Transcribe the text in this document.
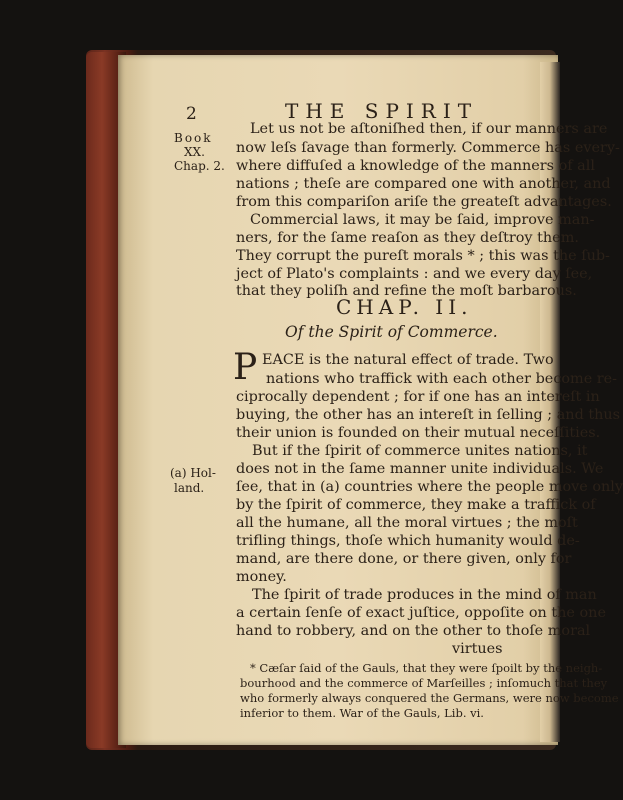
2	THE SPIRIT
Book
XX.
Chap. 2.
(a) Hol-
land.
Let us not be aſtoniſhed then, if our manners are
now leſs ſavage than formerly. Commerce has every-
where diffuſed a knowledge of the manners of all
nations ; theſe are compared one with another, and
from this compariſon ariſe the greateſt advantages.
Commercial laws, it may be ſaid, improve man-
ners, for the ſame reaſon as they deſtroy them.
They corrupt the pureſt morals * ; this was the ſub-
ject of Plato's complaints : and we every day ſee,
that they poliſh and refine the moſt barbarous.
CHAP. II.
Of the Spirit of Commerce.
P EACE is the natural effect of trade. Two
nations who traffick with each other become re-
ciprocally dependent ; for if one has an intereſt in
buying, the other has an intereſt in ſelling ; and thus
their union is founded on their mutual neceſſities.
But if the ſpirit of commerce unites nations, it
does not in the ſame manner unite individuals. We
ſee, that in (a) countries where the people move only
by the ſpirit of commerce, they make a traffick of
all the humane, all the moral virtues ; the moſt
trifling things, thoſe which humanity would de-
mand, are there done, or there given, only for
money.
The ſpirit of trade produces in the mind of man
a certain ſenſe of exact juſtice, oppoſite on the one
hand to robbery, and on the other to thoſe moral
virtues
* Cæſar ſaid of the Gauls, that they were ſpoilt by the neigh-
bourhood and the commerce of Marſeilles ; inſomuch that they
who formerly always conquered the Germans, were now become
inferior to them. War of the Gauls, Lib. vi.
